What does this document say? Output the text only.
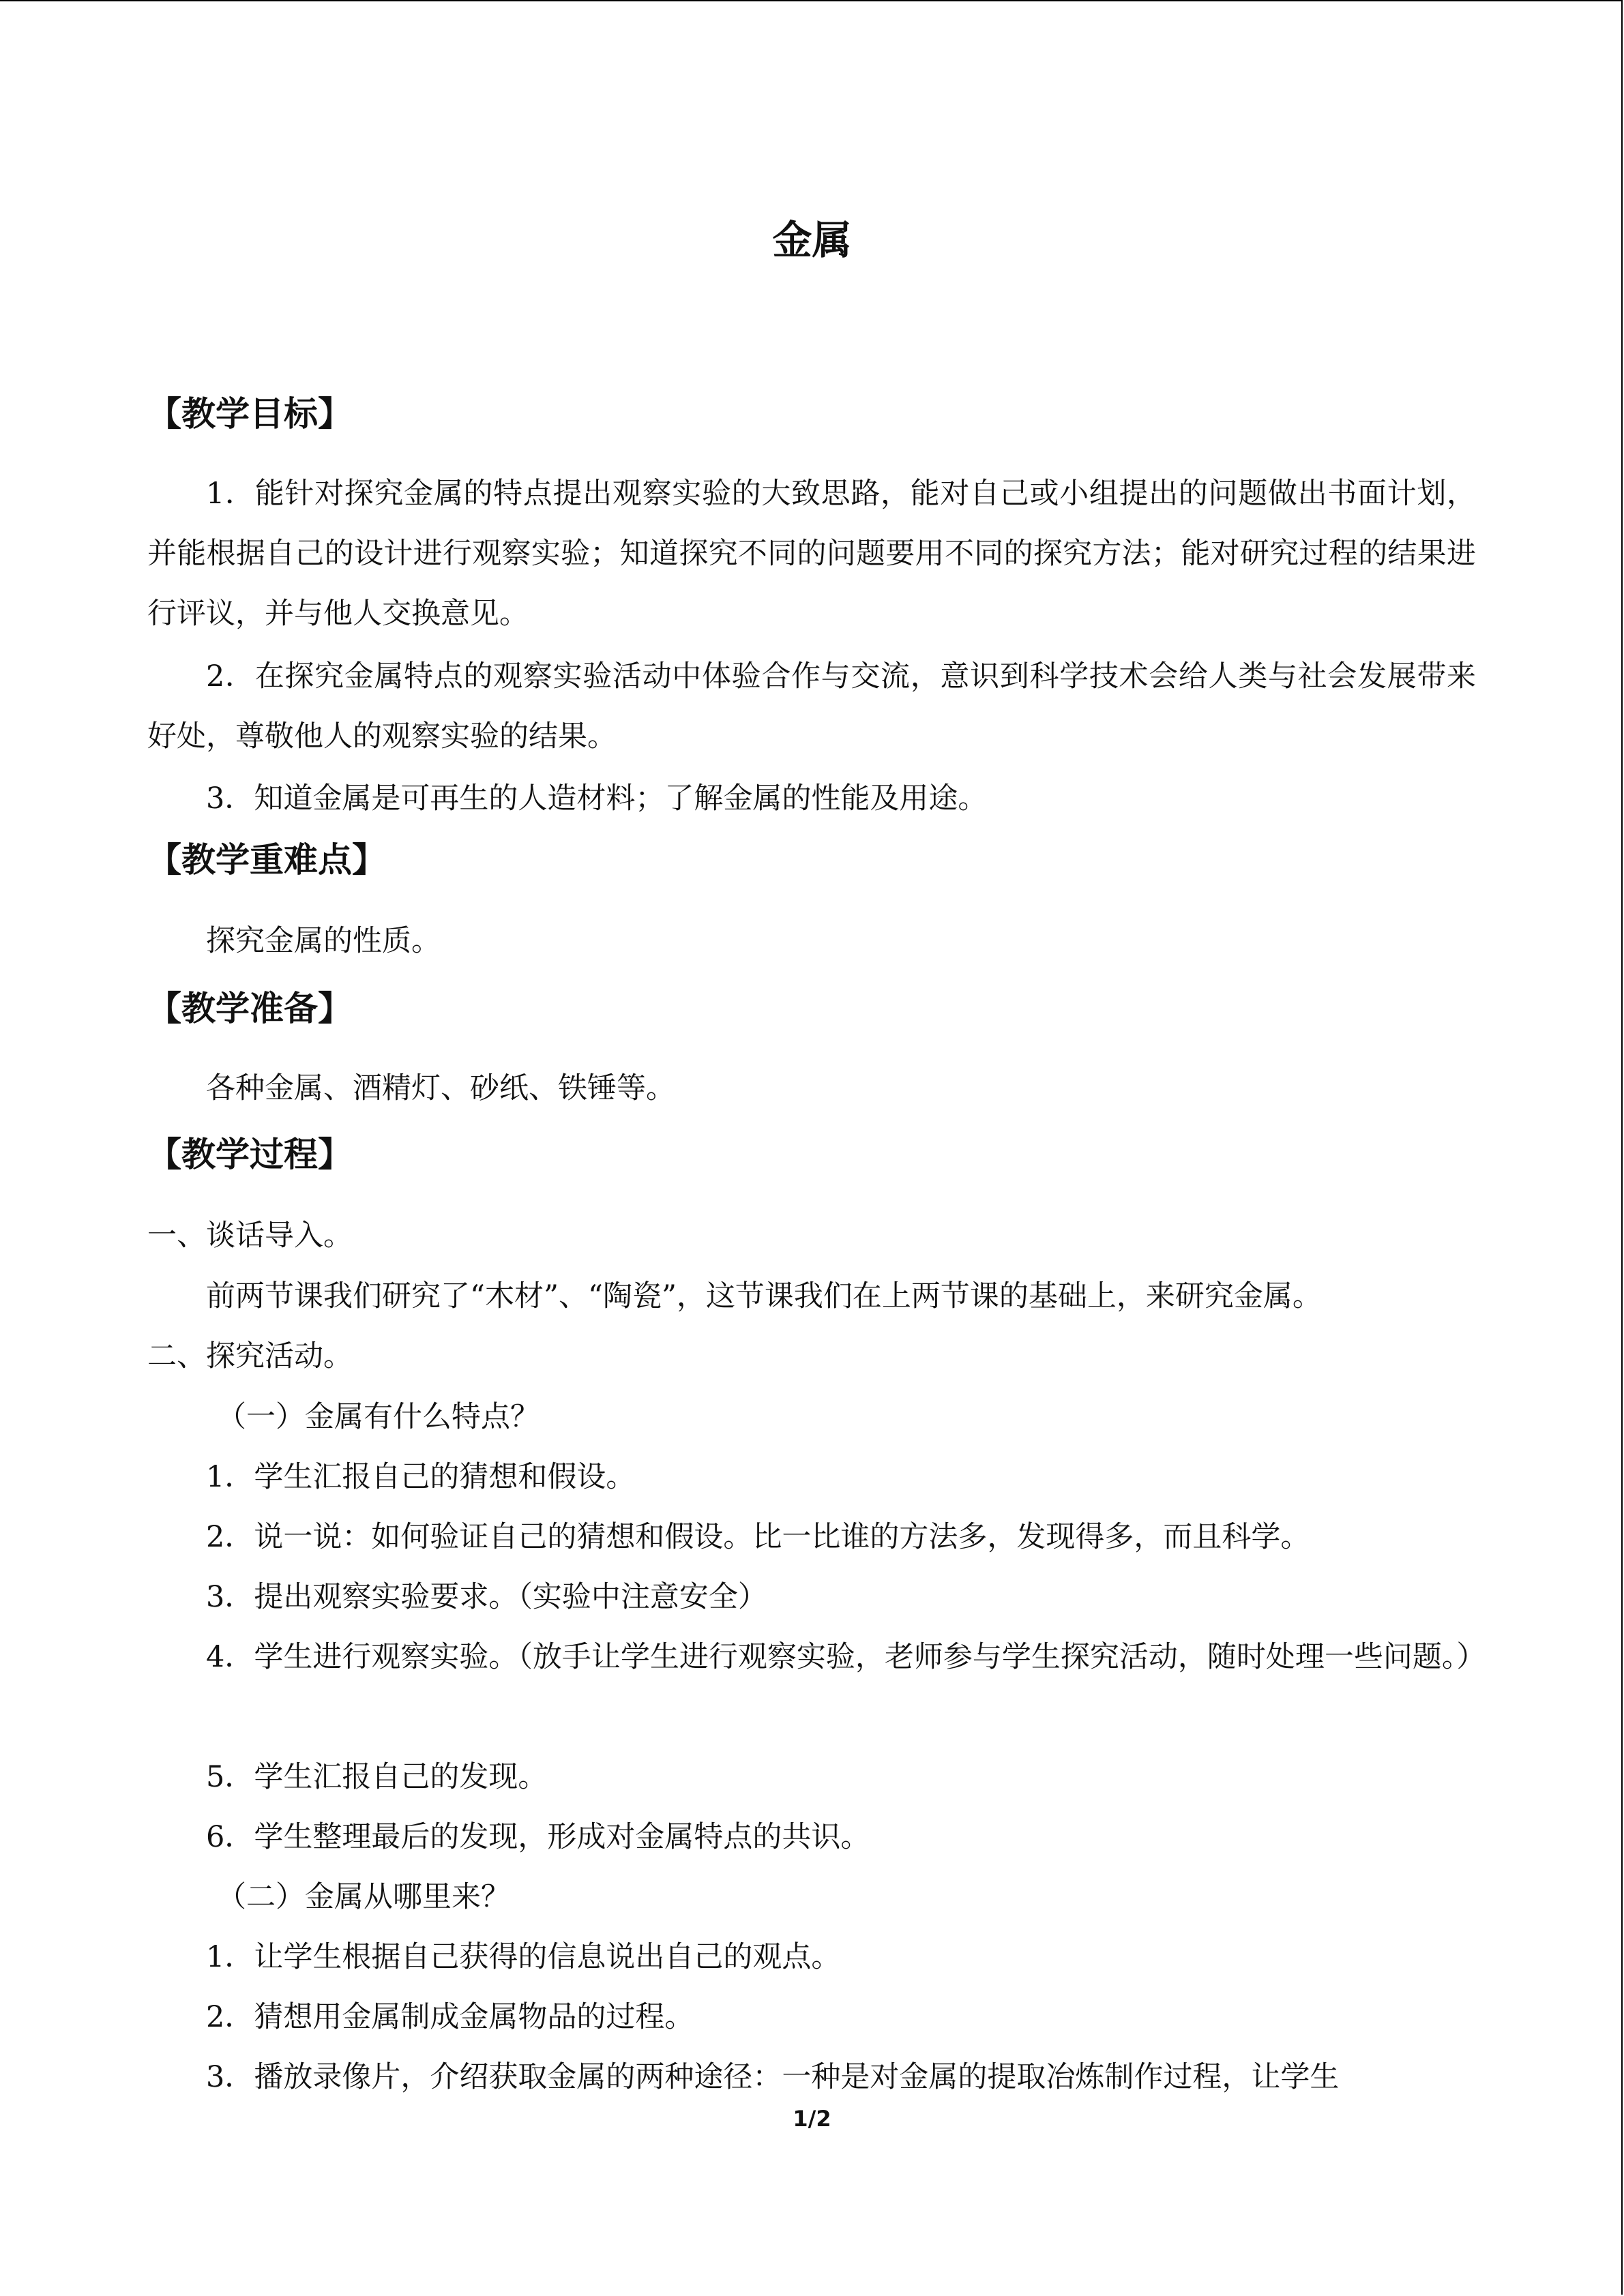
金属
【教学目标】
1．能针对探究金属的特点提出观察实验的大致思路，能对自己或小组提出的问题做出书面计划，并能根据自己的设计进行观察实验；知道探究不同的问题要用不同的探究方法；能对研究过程的结果进行评议，并与他人交换意见。
2．在探究金属特点的观察实验活动中体验合作与交流，意识到科学技术会给人类与社会发展带来好处，尊敬他人的观察实验的结果。
3．知道金属是可再生的人造材料；了解金属的性能及用途。
【教学重难点】
探究金属的性质。
【教学准备】
各种金属、酒精灯、砂纸、铁锤等。
【教学过程】
一、谈话导入。
前两节课我们研究了“木材”、“陶瓷”，这节课我们在上两节课的基础上，来研究金属。
二、探究活动。
（一）金属有什么特点？
1．学生汇报自己的猜想和假设。
2．说一说：如何验证自己的猜想和假设。比一比谁的方法多，发现得多，而且科学。
3．提出观察实验要求。（实验中注意安全）
4．学生进行观察实验。（放手让学生进行观察实验，老师参与学生探究活动，随时处理一些问题。）
5．学生汇报自己的发现。
6．学生整理最后的发现，形成对金属特点的共识。
（二）金属从哪里来？
1．让学生根据自己获得的信息说出自己的观点。
2．猜想用金属制成金属物品的过程。
3．播放录像片，介绍获取金属的两种途径：一种是对金属的提取冶炼制作过程，让学生
1/2
